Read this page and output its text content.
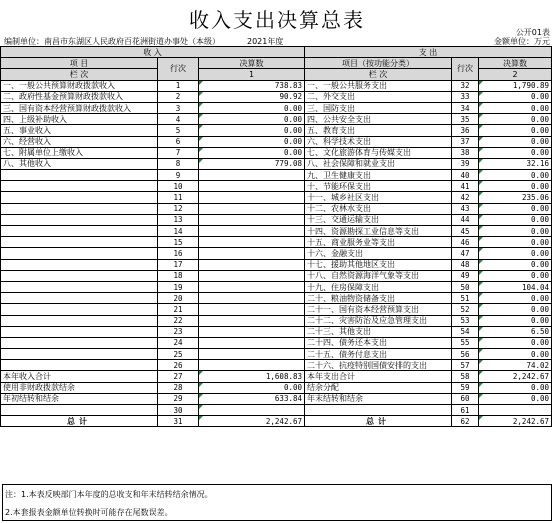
收入支出决算总表
公开01表
编制单位：南昌市东湖区人民政府百花洲街道办事处（本级）	2021年度	金额单位：万元
收 入			支 出		
项 目	行次	决算数	项目（按功能分类）	行次	决算数
栏 次		1	栏 次		2
一、一般公共预算财政拨款收入	1	738.83	一、一般公共服务支出	32	1,790.89
二、政府性基金预算财政拨款收入	2	90.92	二、外交支出	33	0.00
三、国有资本经营预算财政拨款收入	3	0.00	三、国防支出	34	0.00
四、上级补助收入	4	0.00	四、公共安全支出	35	0.00
五、事业收入	5	0.00	五、教育支出	36	0.00
六、经营收入	6	0.00	六、科学技术支出	37	0.00
七、附属单位上缴收入	7	0.00	七、文化旅游体育与传媒支出	38	0.00
八、其他收入	8	779.08	八、社会保障和就业支出	39	32.16
	9		九、卫生健康支出	40	0.00
	10		十、节能环保支出	41	0.00
	11		十一、城乡社区支出	42	235.06
	12		十二、农林水支出	43	0.00
	13		十三、交通运输支出	44	0.00
	14		十四、资源勘探工业信息等支出	45	0.00
	15		十五、商业服务业等支出	46	0.00
	16		十六、金融支出	47	0.00
	17		十七、援助其他地区支出	48	0.00
	18		十八、自然资源海洋气象等支出	49	0.00
	19		十九、住房保障支出	50	104.04
	20		二十、粮油物资储备支出	51	0.00
	21		二十一、国有资本经营预算支出	52	0.00
	22		二十二、灾害防治及应急管理支出	53	0.00
	23		二十三、其他支出	54	6.50
	24		二十四、债务还本支出	55	0.00
	25		二十五、债务付息支出	56	0.00
	26		二十六、抗疫特别国债安排的支出	57	74.02
本年收入合计	27	1,608.83	本年支出合计	58	2,242.67
使用非财政拨款结余	28	0.00	结余分配	59	0.00
年初结转和结余	29	633.84	年末结转和结余	60	0.00
	30			61	
总计	31	2,242.67	总计	62	2,242.67
注：1.本表反映部门本年度的总收支和年末结转结余情况。
2.本套报表金额单位转换时可能存在尾数误差。
